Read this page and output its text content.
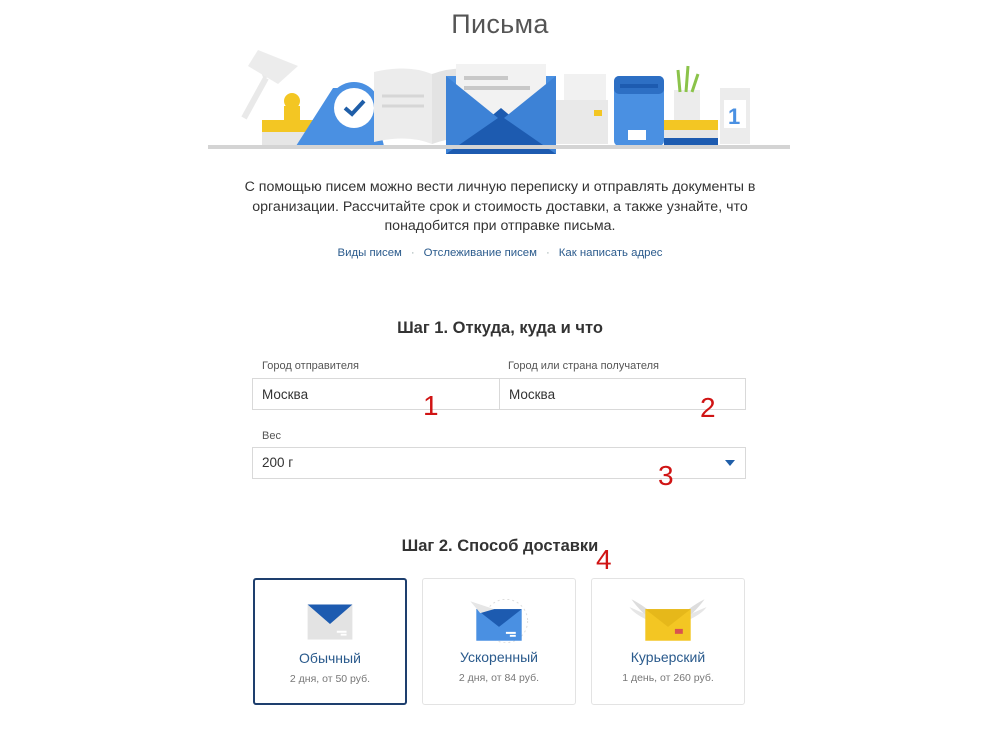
Письма
1

С помощью писем можно вести личную переписку и отправлять документы в организации. Рассчитайте срок и стоимость доставки, а также узнайте, что понадобится при отправке письма.

Виды писем · Отслеживание писем · Как написать адрес
Шаг 1. Откуда, куда и что
Город отправителя
Москва	Город или страна получателя
Москва
Вес
200 г
Шаг 2. Способ доставки
Обычный
2 дня, от 50 руб.
Ускоренный
2 дня, от 84 руб.
Курьерский
1 день, от 260 руб.
1	2
3
4
